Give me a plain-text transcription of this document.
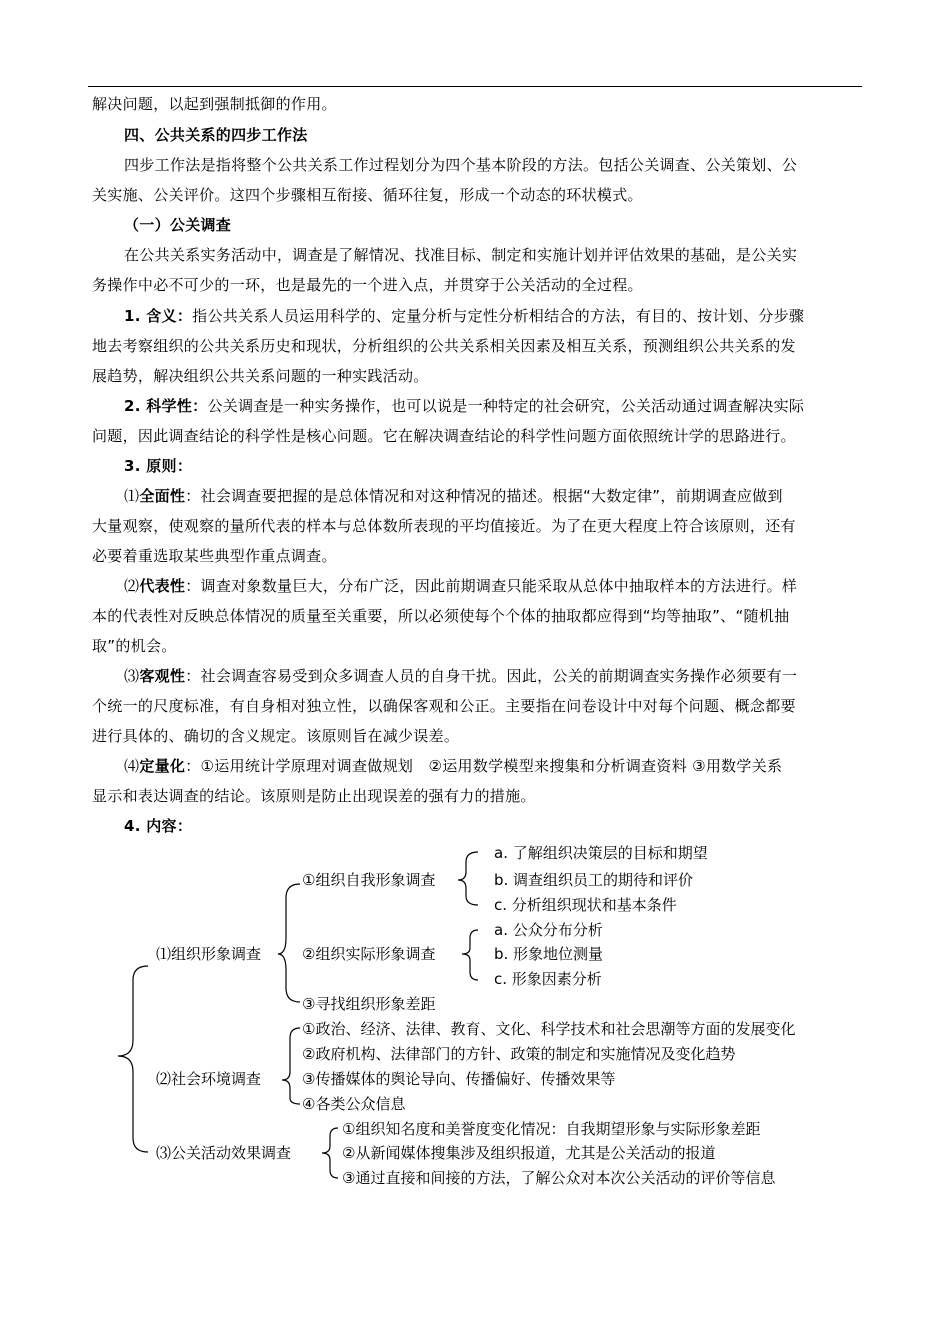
解决问题，以起到强制抵御的作用。
四、公共关系的四步工作法
四步工作法是指将整个公共关系工作过程划分为四个基本阶段的方法。包括公关调查、公关策划、公
关实施、公关评价。这四个步骤相互衔接、循环往复，形成一个动态的环状模式。
（一）公关调查
在公共关系实务活动中，调查是了解情况、找准目标、制定和实施计划并评估效果的基础，是公关实
务操作中必不可少的一环，也是最先的一个进入点，并贯穿于公关活动的全过程。
1. 含义：指公共关系人员运用科学的、定量分析与定性分析相结合的方法，有目的、按计划、分步骤
地去考察组织的公共关系历史和现状，分析组织的公共关系相关因素及相互关系，预测组织公共关系的发
展趋势，解决组织公共关系问题的一种实践活动。
2. 科学性：公关调查是一种实务操作，也可以说是一种特定的社会研究，公关活动通过调查解决实际
问题，因此调查结论的科学性是核心问题。它在解决调查结论的科学性问题方面依照统计学的思路进行。
3. 原则：
⑴全面性：社会调查要把握的是总体情况和对这种情况的描述。根据“大数定律”，前期调查应做到
大量观察，使观察的量所代表的样本与总体数所表现的平均值接近。为了在更大程度上符合该原则，还有
必要着重选取某些典型作重点调查。
⑵代表性：调查对象数量巨大，分布广泛，因此前期调查只能采取从总体中抽取样本的方法进行。样
本的代表性对反映总体情况的质量至关重要，所以必须使每个个体的抽取都应得到“均等抽取”、“随机抽
取”的机会。
⑶客观性：社会调查容易受到众多调查人员的自身干扰。因此，公关的前期调查实务操作必须要有一
个统一的尺度标准，有自身相对独立性，以确保客观和公正。主要指在问卷设计中对每个问题、概念都要
进行具体的、确切的含义规定。该原则旨在减少误差。
⑷定量化：①运用统计学原理对调查做规划　②运用数学模型来搜集和分析调查资料 ③用数学关系
显示和表达调查的结论。该原则是防止出现误差的强有力的措施。
4. 内容：
⑴组织形象调查
①组织自我形象调查
a. 了解组织决策层的目标和期望
b. 调查组织员工的期待和评价
c. 分析组织现状和基本条件
②组织实际形象调查
a. 公众分布分析
b. 形象地位测量
c. 形象因素分析
③寻找组织形象差距
⑵社会环境调查
①政治、经济、法律、教育、文化、科学技术和社会思潮等方面的发展变化
②政府机构、法律部门的方针、政策的制定和实施情况及变化趋势
③传播媒体的舆论导向、传播偏好、传播效果等
④各类公众信息
⑶公关活动效果调查
①组织知名度和美誉度变化情况：自我期望形象与实际形象差距
②从新闻媒体搜集涉及组织报道，尤其是公关活动的报道
③通过直接和间接的方法，了解公众对本次公关活动的评价等信息
